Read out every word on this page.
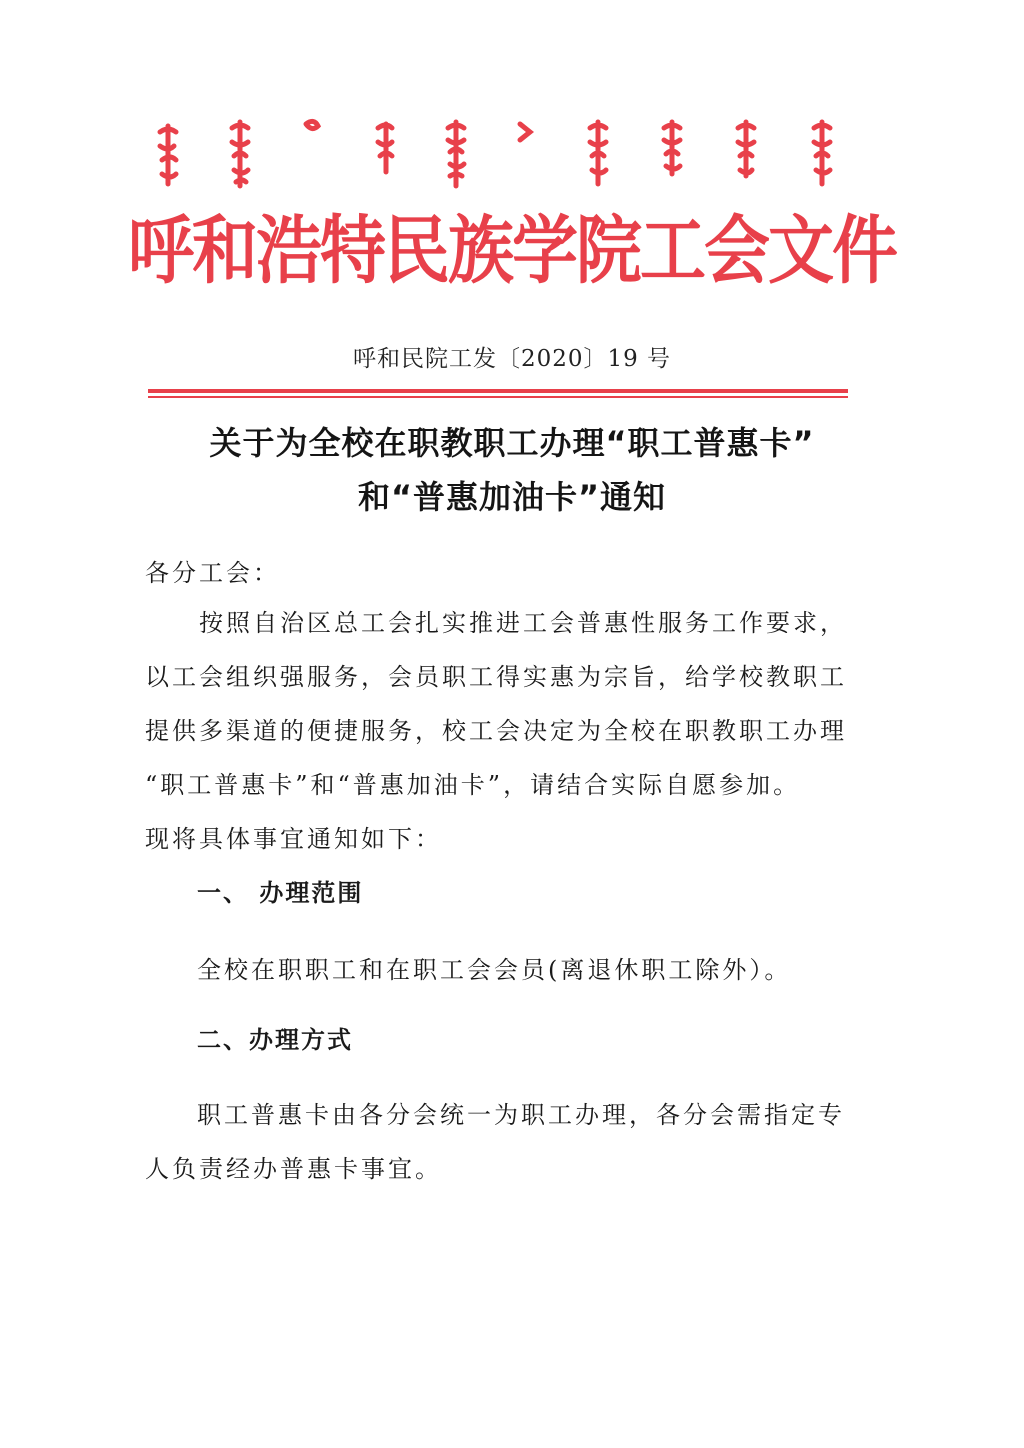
呼和浩特民族学院工会文件
呼和民院工发〔2020〕19 号
关于为全校在职教职工办理“职工普惠卡”
和“普惠加油卡”通知
各分工会：
　　按照自治区总工会扎实推进工会普惠性服务工作要求，
以工会组织强服务，会员职工得实惠为宗旨，给学校教职工
提供多渠道的便捷服务，校工会决定为全校在职教职工办理
“职工普惠卡”和“普惠加油卡”，请结合实际自愿参加。
现将具体事宜通知如下：
一、 办理范围
全校在职职工和在职工会会员(离退休职工除外）。
二、办理方式
职工普惠卡由各分会统一为职工办理，各分会需指定专
人负责经办普惠卡事宜。
